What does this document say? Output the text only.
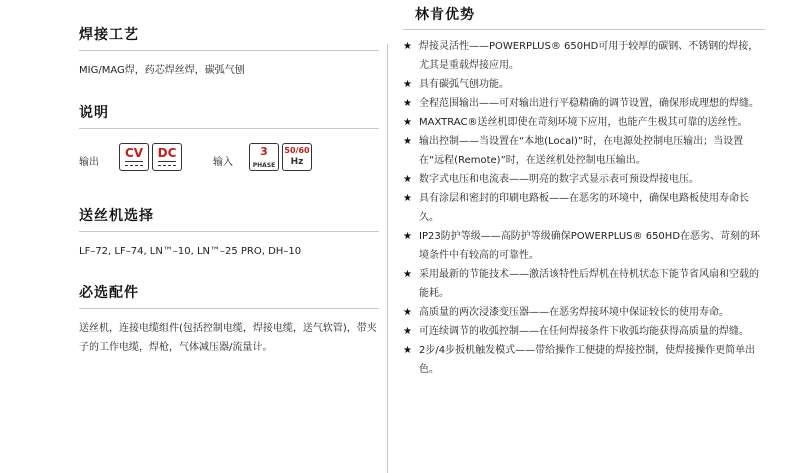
焊接工艺
MIG/MAG焊，药芯焊丝焊，碳弧气刨
说明
输出
CV	DC
输入
3
PHASE
50/60
Hz
送丝机选择
LF–72, LF–74, LN™–10, LN™–25 PRO, DH–10
必选配件
送丝机，连接电缆组件(包括控制电缆，焊接电缆，送气软管)，带夹子的工作电缆，焊枪，气体减压器/流量计。
林肯优势
★ 焊接灵活性——POWERPLUS® 650HD可用于较厚的碳钢、不锈钢的焊接，尤其是重载焊接应用。
★ 具有碳弧气刨功能。
★ 全程范围输出——可对输出进行平稳精确的调节设置，确保形成理想的焊缝。
★ MAXTRAC®送丝机即使在苛刻环境下应用，也能产生极其可靠的送丝性。
★ 输出控制——当设置在“本地(Local)”时，在电源处控制电压输出；当设置在“远程(Remote)”时，在送丝机处控制电压输出。
★ 数字式电压和电流表——明亮的数字式显示表可预设焊接电压。
★ 具有涂层和密封的印刷电路板——在恶劣的环境中，确保电路板使用寿命长久。
★ IP23防护等级——高防护等级确保POWERPLUS® 650HD在恶劣、苛刻的环境条件中有较高的可靠性。
★ 采用最新的节能技术——激活该特性后焊机在待机状态下能节省风扇和空载的能耗。
★ 高质量的两次浸漆变压器——在恶劣焊接环境中保证较长的使用寿命。
★ 可连续调节的收弧控制——在任何焊接条件下收弧均能获得高质量的焊缝。
★ 2步/4步扳机触发模式——带给操作工便捷的焊接控制，使焊接操作更简单出色。
